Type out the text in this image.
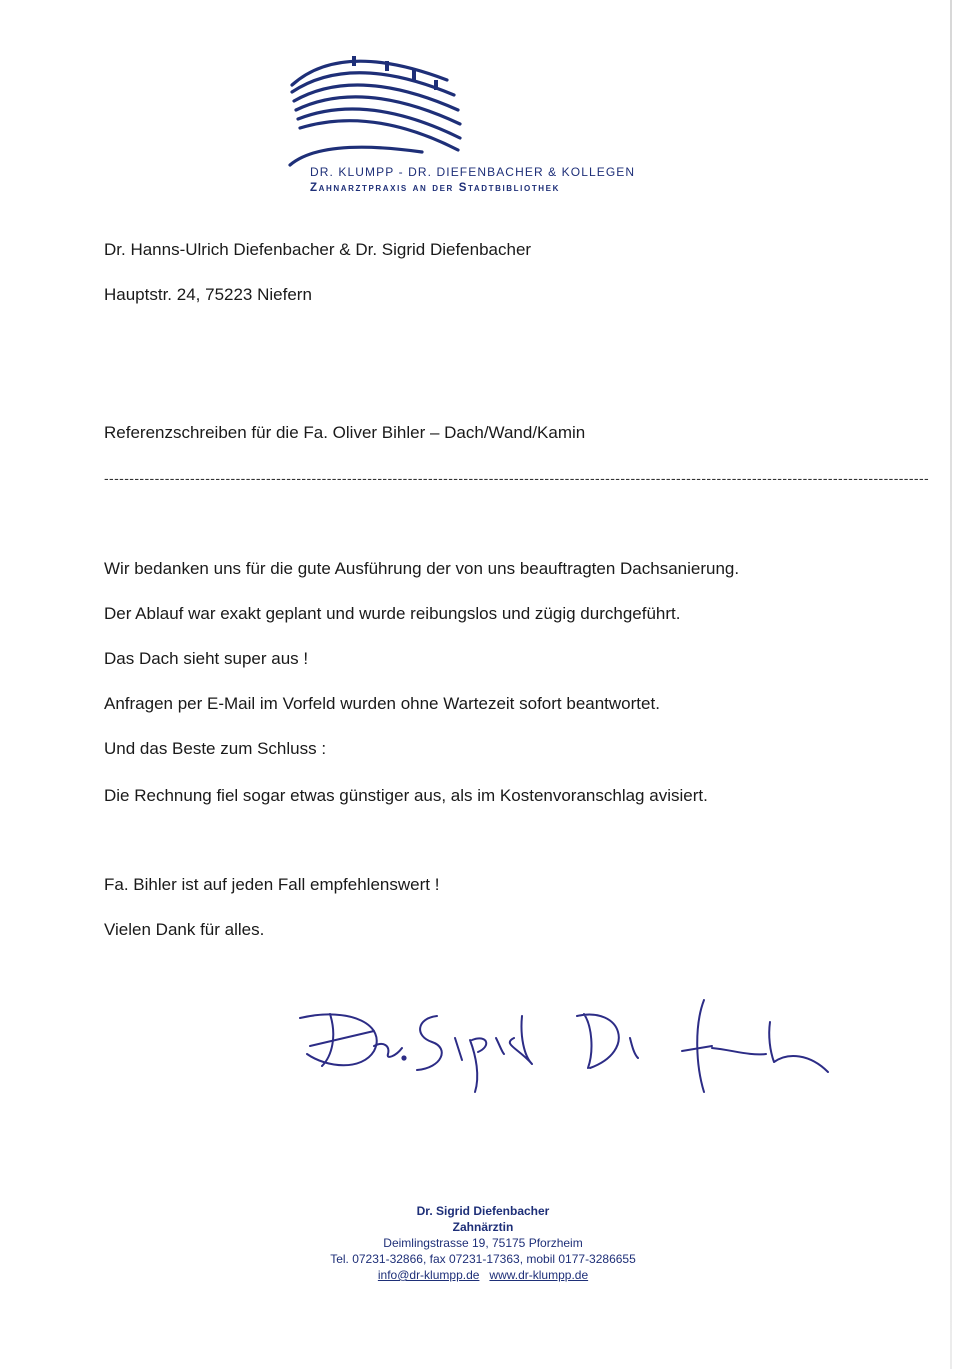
DR. KLUMPP - DR. DIEFENBACHER & KOLLEGEN
Zahnarztpraxis an der Stadtbibliothek
Dr. Hanns-Ulrich Diefenbacher & Dr. Sigrid Diefenbacher
Hauptstr. 24, 75223 Niefern
Referenzschreiben für die Fa. Oliver Bihler – Dach/Wand/Kamin
-------------------------------------------------------------------------------------------------------------------------------------------------------------------
Wir bedanken uns für die gute Ausführung der von uns beauftragten Dachsanierung.
Der Ablauf war exakt geplant und wurde reibungslos und zügig durchgeführt.
Das Dach sieht super aus !
Anfragen per E-Mail im Vorfeld wurden ohne Wartezeit sofort beantwortet.
Und das Beste zum Schluss :
Die Rechnung fiel sogar etwas günstiger aus, als im Kostenvoranschlag avisiert.
Fa. Bihler ist auf jeden Fall empfehlenswert !
Vielen Dank für alles.
Dr. Sigrid Diefenbacher
Zahnärztin
Deimlingstrasse 19, 75175 Pforzheim
Tel. 07231-32866, fax 07231-17363, mobil 0177-3286655
info@dr-klumpp.de www.dr-klumpp.de
